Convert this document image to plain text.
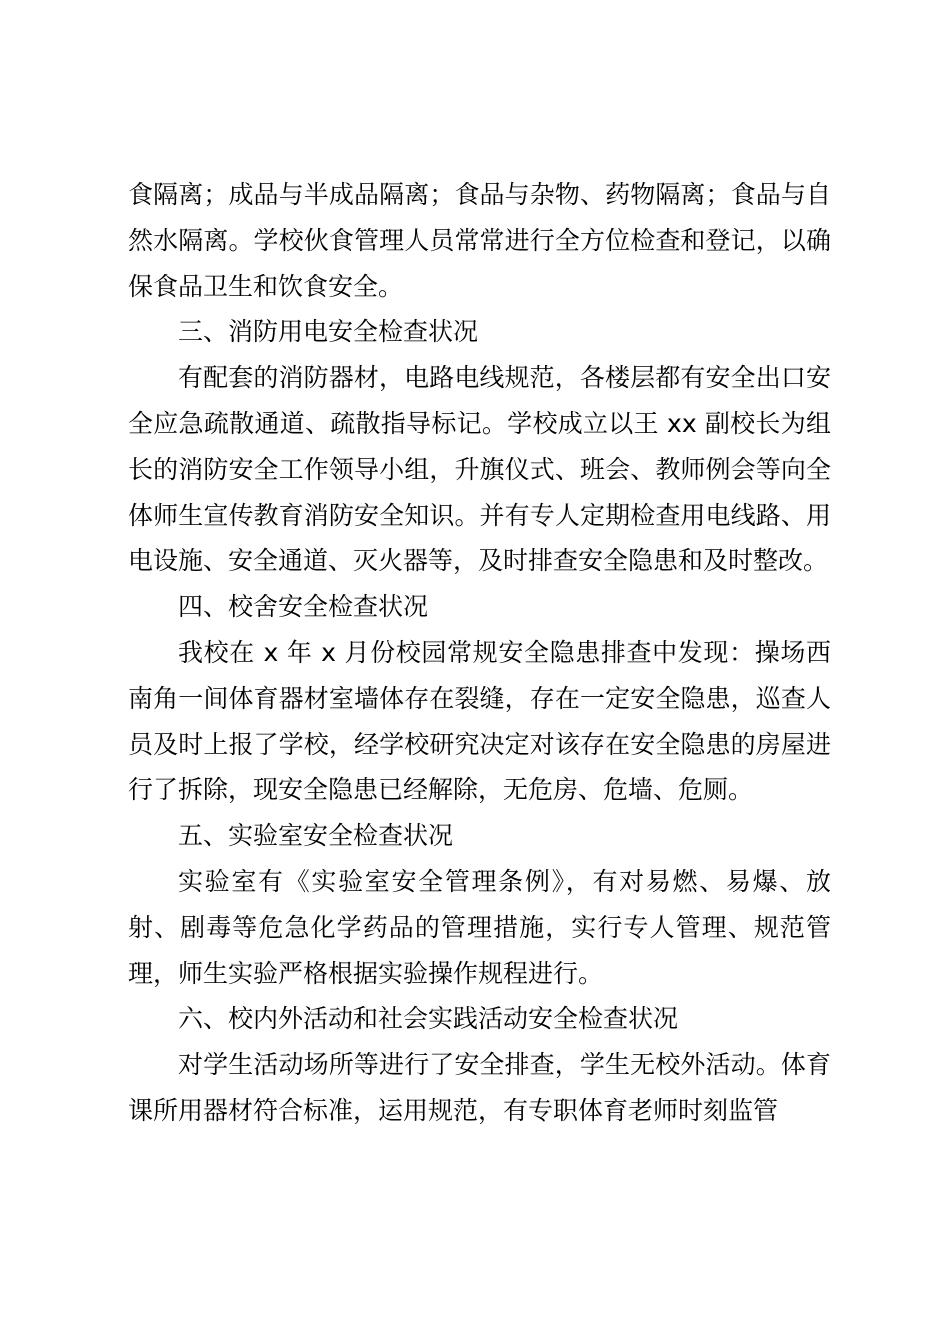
食隔离；成品与半成品隔离；食品与杂物、药物隔离；食品与自然水隔离。学校伙食管理人员常常进行全方位检查和登记，以确保食品卫生和饮食安全。

三、消防用电安全检查状况

有配套的消防器材，电路电线规范，各楼层都有安全出口安全应急疏散通道、疏散指导标记。学校成立以王 xx 副校长为组长的消防安全工作领导小组，升旗仪式、班会、教师例会等向全体师生宣传教育消防安全知识。并有专人定期检查用电线路、用电设施、安全通道、灭火器等，及时排查安全隐患和及时整改。

四、校舍安全检查状况

我校在 x 年 x 月份校园常规安全隐患排查中发现：操场西南角一间体育器材室墙体存在裂缝，存在一定安全隐患，巡查人员及时上报了学校，经学校研究决定对该存在安全隐患的房屋进行了拆除，现安全隐患已经解除，无危房、危墙、危厕。

五、实验室安全检查状况

实验室有《实验室安全管理条例》，有对易燃、易爆、放射、剧毒等危急化学药品的管理措施，实行专人管理、规范管理，师生实验严格根据实验操作规程进行。

六、校内外活动和社会实践活动安全检查状况

对学生活动场所等进行了安全排查，学生无校外活动。体育课所用器材符合标准，运用规范，有专职体育老师时刻监管
